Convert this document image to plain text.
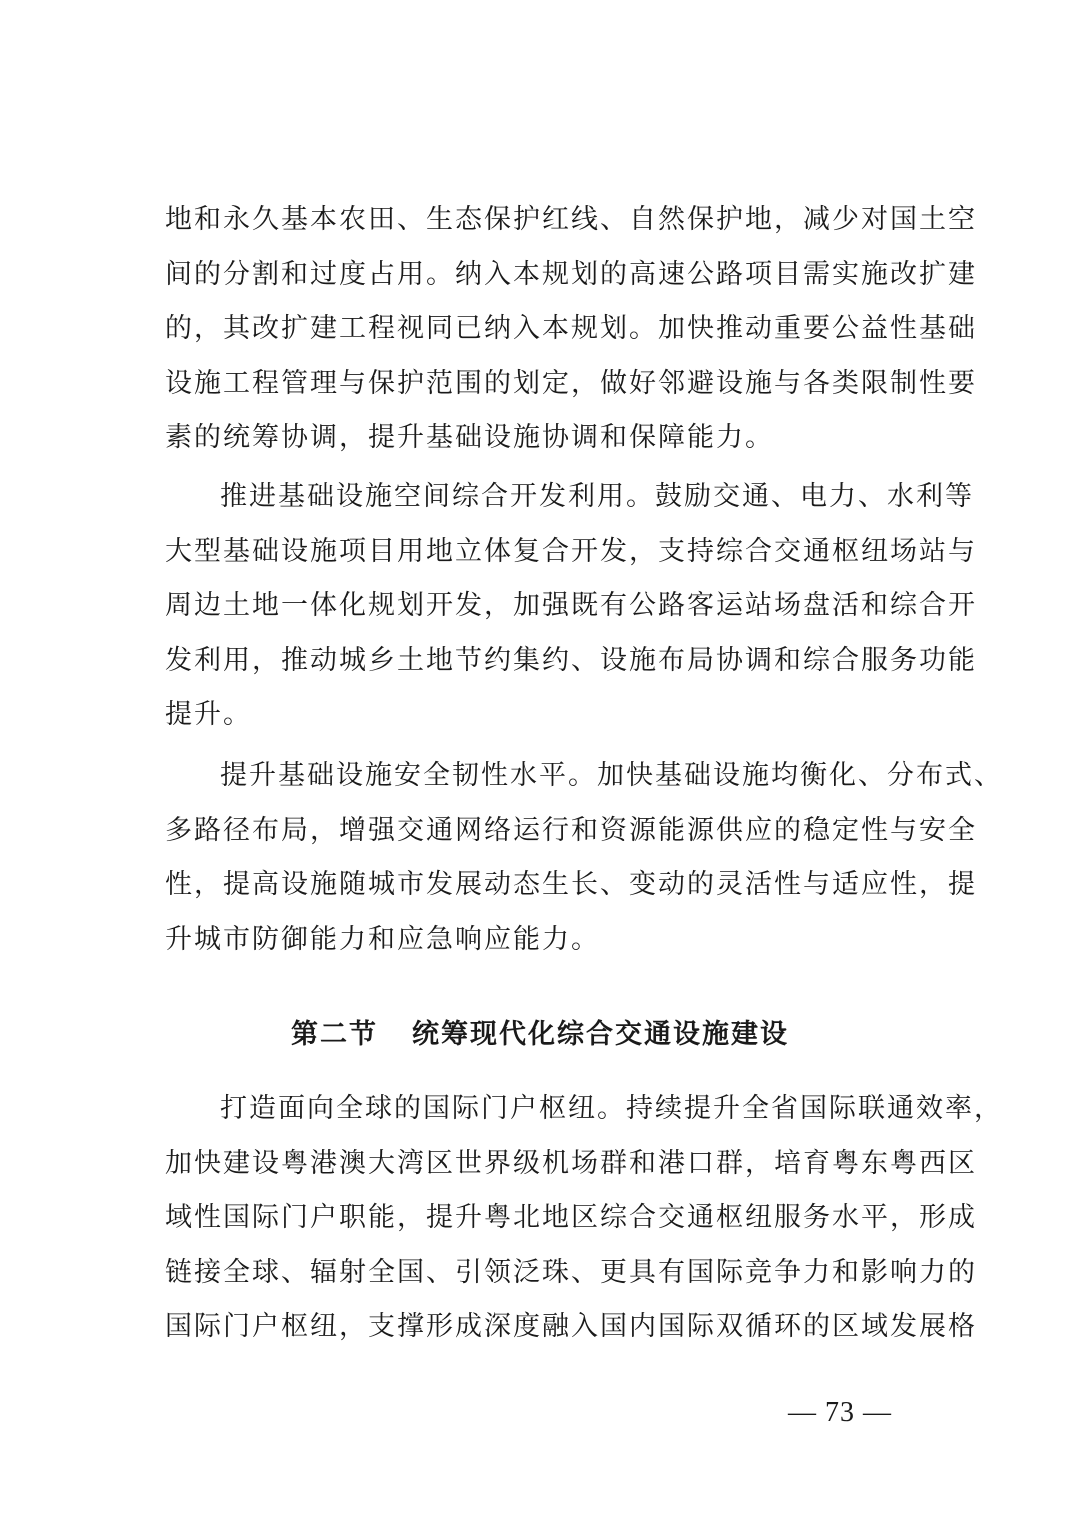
地和永久基本农田、生态保护红线、自然保护地，减少对国土空
间的分割和过度占用。纳入本规划的高速公路项目需实施改扩建
的，其改扩建工程视同已纳入本规划。加快推动重要公益性基础
设施工程管理与保护范围的划定，做好邻避设施与各类限制性要
素的统筹协调，提升基础设施协调和保障能力。
推进基础设施空间综合开发利用。鼓励交通、电力、水利等
大型基础设施项目用地立体复合开发，支持综合交通枢纽场站与
周边土地一体化规划开发，加强既有公路客运站场盘活和综合开
发利用，推动城乡土地节约集约、设施布局协调和综合服务功能
提升。
提升基础设施安全韧性水平。加快基础设施均衡化、分布式、
多路径布局，增强交通网络运行和资源能源供应的稳定性与安全
性，提高设施随城市发展动态生长、变动的灵活性与适应性，提
升城市防御能力和应急响应能力。
第二节 统筹现代化综合交通设施建设
打造面向全球的国际门户枢纽。持续提升全省国际联通效率，
加快建设粤港澳大湾区世界级机场群和港口群，培育粤东粤西区
域性国际门户职能，提升粤北地区综合交通枢纽服务水平，形成
链接全球、辐射全国、引领泛珠、更具有国际竞争力和影响力的
国际门户枢纽，支撑形成深度融入国内国际双循环的区域发展格
— 73 —
